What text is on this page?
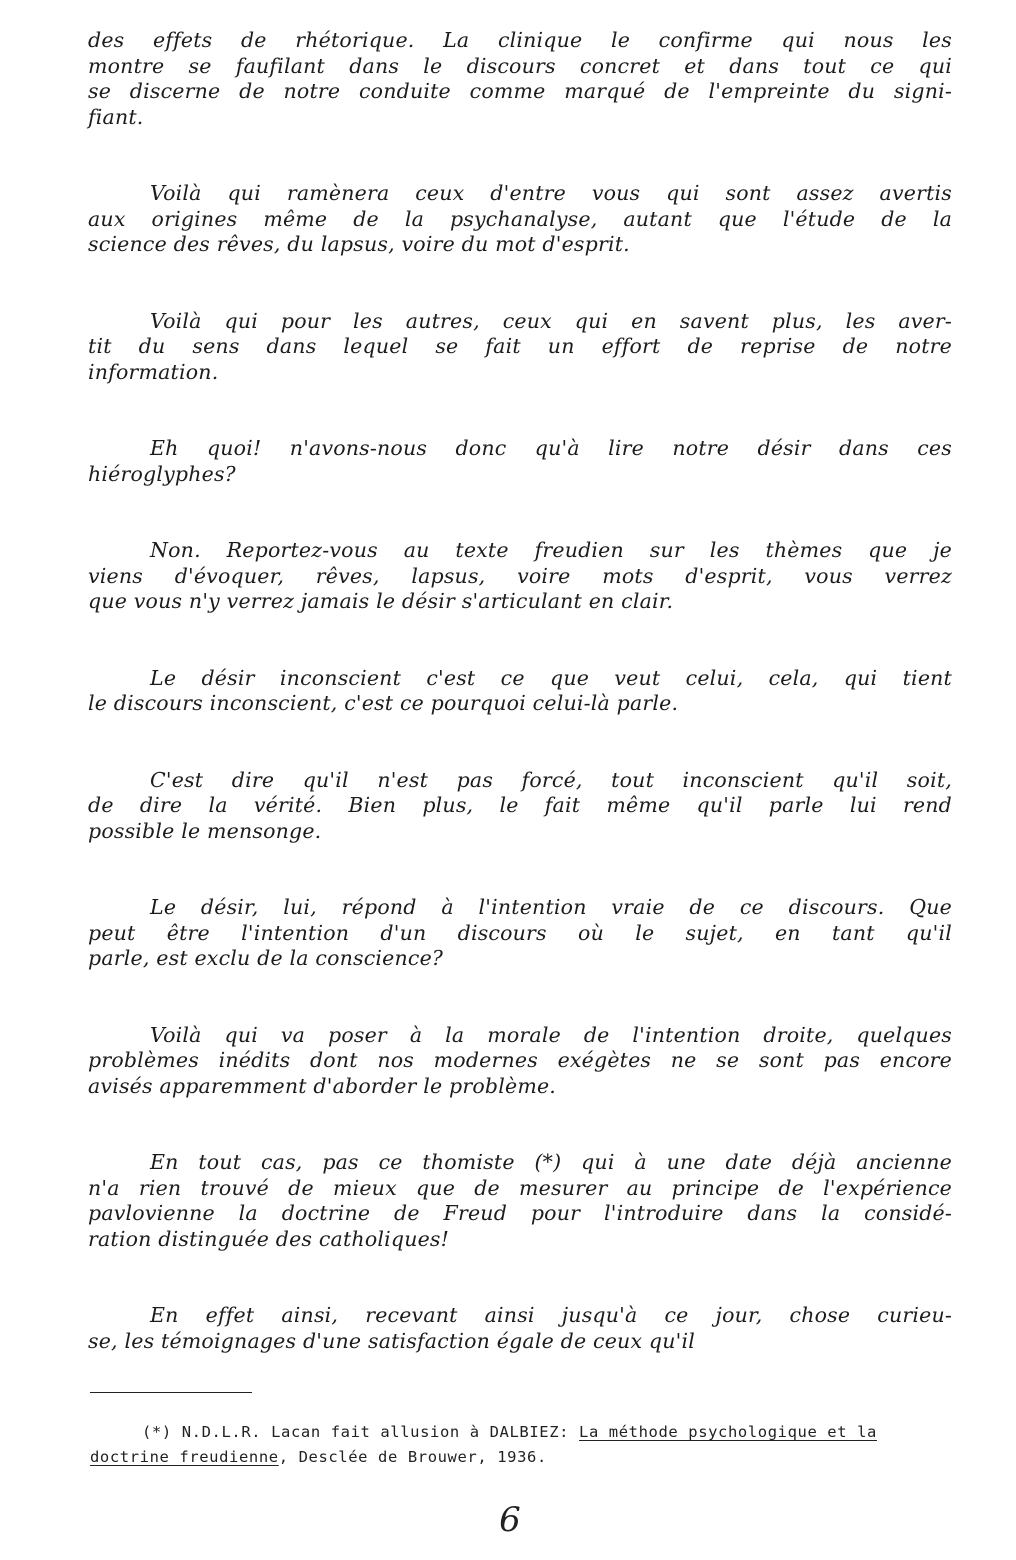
des effets de rhétorique. La clinique le confirme qui nous les
montre se faufilant dans le discours concret et dans tout ce qui
se discerne de notre conduite comme marqué de l'empreinte du signi-
fiant.
Voilà qui ramènera ceux d'entre vous qui sont assez avertis
aux origines même de la psychanalyse, autant que l'étude de la
science des rêves, du lapsus, voire du mot d'esprit.
Voilà qui pour les autres, ceux qui en savent plus, les aver-
tit du sens dans lequel se fait un effort de reprise de notre
information.
Eh quoi! n'avons-nous donc qu'à lire notre désir dans ces
hiéroglyphes?
Non. Reportez-vous au texte freudien sur les thèmes que je
viens d'évoquer, rêves, lapsus, voire mots d'esprit, vous verrez
que vous n'y verrez jamais le désir s'articulant en clair.
Le désir inconscient c'est ce que veut celui, cela, qui tient
le discours inconscient, c'est ce pourquoi celui-là parle.
C'est dire qu'il n'est pas forcé, tout inconscient qu'il soit,
de dire la vérité. Bien plus, le fait même qu'il parle lui rend
possible le mensonge.
Le désir, lui, répond à l'intention vraie de ce discours. Que
peut être l'intention d'un discours où le sujet, en tant qu'il
parle, est exclu de la conscience?
Voilà qui va poser à la morale de l'intention droite, quelques
problèmes inédits dont nos modernes exégètes ne se sont pas encore
avisés apparemment d'aborder le problème.
En tout cas, pas ce thomiste (*) qui à une date déjà ancienne
n'a rien trouvé de mieux que de mesurer au principe de l'expérience
pavlovienne la doctrine de Freud pour l'introduire dans la considé-
ration distinguée des catholiques!
En effet ainsi, recevant ainsi jusqu'à ce jour, chose curieu-
se, les témoignages d'une satisfaction égale de ceux qu'il
(*) N.D.L.R. Lacan fait allusion à DALBIEZ: La méthode psychologique et la
doctrine freudienne, Desclée de Brouwer, 1936.
6
